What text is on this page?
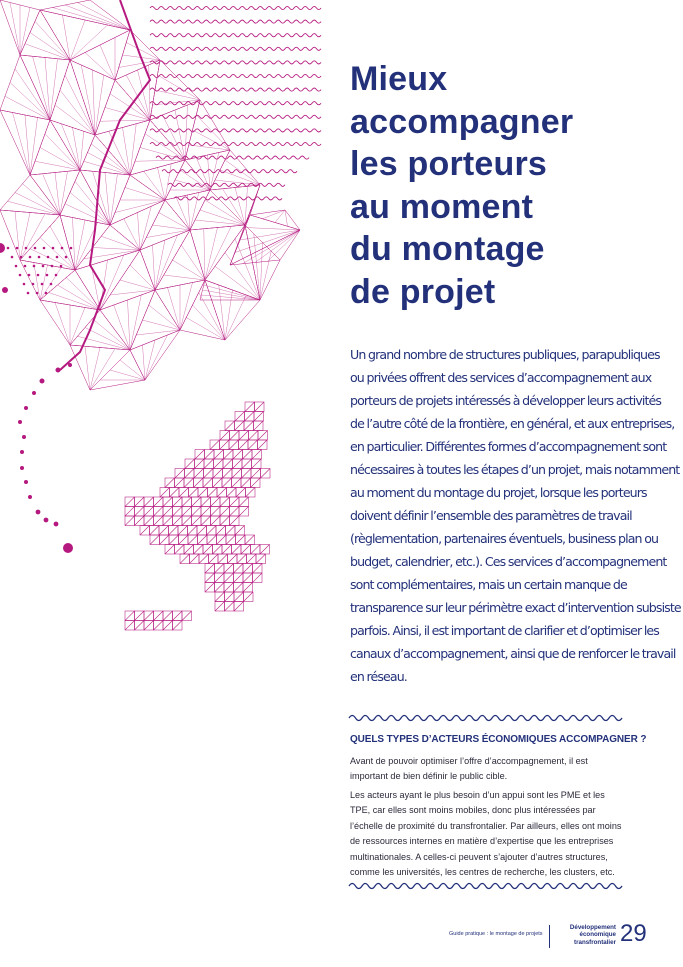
Mieux
accompagner
les porteurs
au moment
du montage
de projet

Un grand nombre de structures publiques, parapubliques
ou privées offrent des services d’accompagnement aux
porteurs de projets intéressés à développer leurs activités
de l’autre côté de la frontière, en général, et aux entreprises,
en particulier. Différentes formes d’accompagnement sont
nécessaires à toutes les étapes d’un projet, mais notamment
au moment du montage du projet, lorsque les porteurs
doivent définir l’ensemble des paramètres de travail
(règlementation, partenaires éventuels, business plan ou
budget, calendrier, etc.). Ces services d’accompagnement
sont complémentaires, mais un certain manque de
transparence sur leur périmètre exact d’intervention subsiste
parfois. Ainsi, il est important de clarifier et d’optimiser les
canaux d’accompagnement, ainsi que de renforcer le travail
en réseau.

QUELS TYPES D’ACTEURS ÉCONOMIQUES ACCOMPAGNER ?

Avant de pouvoir optimiser l’offre d’accompagnement, il est
important de bien définir le public cible.

Les acteurs ayant le plus besoin d’un appui sont les PME et les
TPE, car elles sont moins mobiles, donc plus intéressées par
l’échelle de proximité du transfrontalier. Par ailleurs, elles ont moins
de ressources internes en matière d’expertise que les entreprises
multinationales. A celles-ci peuvent s’ajouter d’autres structures,
comme les universités, les centres de recherche, les clusters, etc.

Guide pratique : le montage de projets
Développement
économique
transfrontalier 29
